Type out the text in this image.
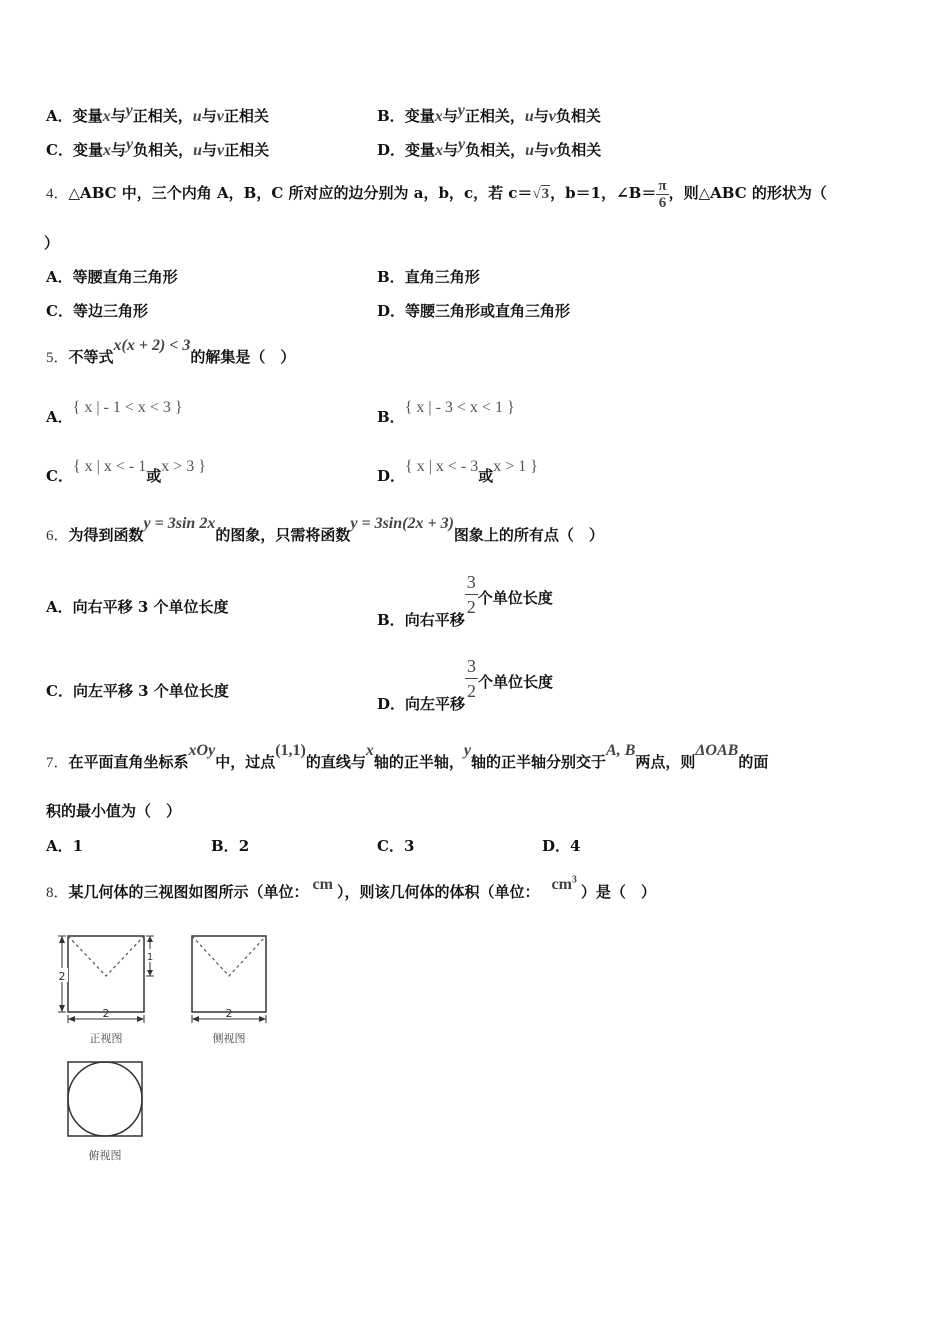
A．变量x与$^y$正相关，u与v正相关	B．变量x与$^y$正相关，u与v负相关
C．变量x与$^y$负相关，u与v正相关	D．变量x与$^y$负相关，u与v负相关
4．△ABC 中，三个内角 A，B，C 所对应的边分别为 a，b，c，若 c＝√3，b＝1，∠B＝ $\frac{\pi}{6}$ ，则△ABC 的形状为（
）
A．等腰直角三角形	B．直角三角形
C．等边三角形	D．等腰三角形或直角三角形
5．不等式x(x + 2) < 3的解集是（　）
A．{ x | - 1 < x < 3 }
B．{ x | - 3 < x < 1 }
C．{ x | x < - 1或x > 3 }
D．{ x | x < - 3或x > 1 }
6．为得到函数y = 3sin 2x的图象，只需将函数y = 3sin(2x + 3)图象上的所有点（　）
A．向右平移 3 个单位长度
B．向右平移
$\frac{3}{2}$ 个单位长度
C．向左平移 3 个单位长度
D．向左平移
$\frac{3}{2}$ 个单位长度
7．在平面直角坐标系xOy中，过点(1,1)的直线与x轴的正半轴，y轴的正半轴分别交于A, B两点，则ΔOAB的面
积的最小值为（　）
A．1	B．2	C．3	D．4
8．某几何体的三视图如图所示（单位： cm ），则该几何体的体积（单位： $cm^3$）是（　）
2
1
2
正视图
2
侧视图
俯视图
